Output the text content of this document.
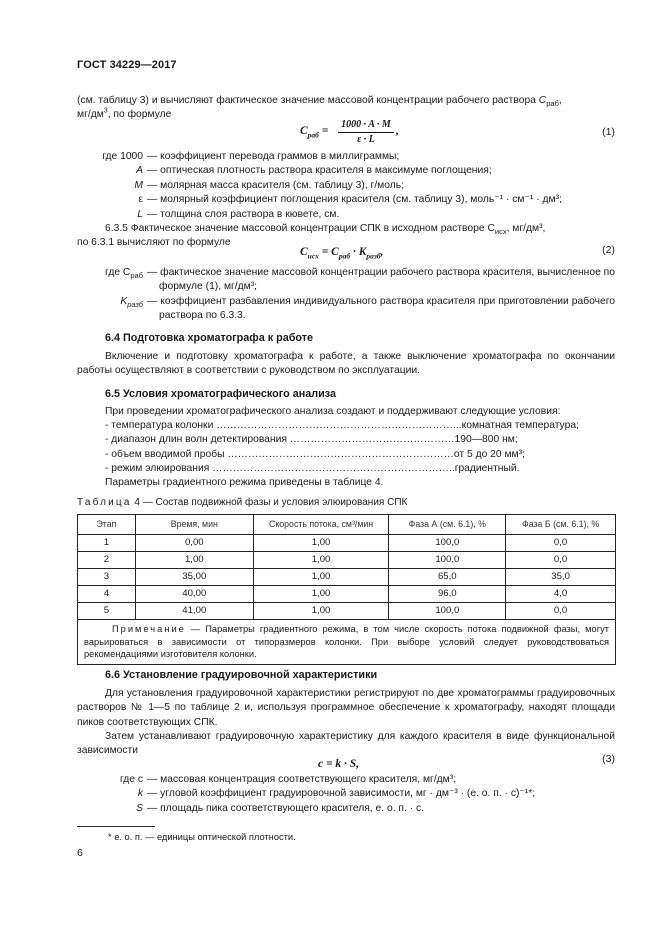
ГОСТ 34229—2017
(см. таблицу 3) и вычисляют фактическое значение массовой концентрации рабочего раствора $C_{раб}$,
$мг/дм^3$, по формуле
$C_{раб}$ =
1000 · A · M
ε · L
,	(1)
где 1000 — коэффициент перевода граммов в миллиграммы;
A — оптическая плотность раствора красителя в максимуме поглощения;
M — молярная масса красителя (см. таблицу 3), г/моль;
ε — молярный коэффициент поглощения красителя (см. таблицу 3), моль⁻¹ · см⁻¹ · дм³;
L — толщина слоя раствора в кювете, см.
6.3.5 Фактическое значение массовой концентрации СПК в исходном растворе $C_{исх}$, мг/дм³,
по 6.3.1 вычисляют по формуле
$C_{исх} = C_{раб} \cdot K_{разб}$,	(2)
где $C_{раб}$ — фактическое значение массовой концентрации рабочего раствора красителя, вычисленное по формуле (1), мг/дм³;
$K_{разб}$ — коэффициент разбавления индивидуального раствора красителя при приготовлении рабочего раствора по 6.3.3.
6.4 Подготовка хроматографа к работе
Включение и подготовку хроматографа к работе, а также выключение хроматографа по окончании работы осуществляют в соответствии с руководством по эксплуатации.
6.5 Условия хроматографического анализа
При проведении хроматографического анализа создают и поддерживают следующие условия:
- температура колонки ……………………………………………………………...комнатная температура;
- диапазон длин волн детектирования …………………………………………190—800 нм;
- объем вводимой пробы …………………………………………………………от 5 до 20 мм³;
- режим элюирования ……………………………………………………………..градиентный.
Параметры градиентного режима приведены в таблице 4.
Таблица 4 — Состав подвижной фазы и условия элюирования СПК
Этап	Время, мин	Скорость потока, см³/мин	Фаза А (см. 6.1), %	Фаза Б (см. 6.1), %
1	0,00	1,00	100,0	0,0
2	1,00	1,00	100,0	0,0
3	35,00	1,00	65,0	35,0
4	40,00	1,00	96,0	4,0
5	41,00	1,00	100,0	0,0
Примечание — Параметры градиентного режима, в том числе скорость потока подвижной фазы, могут варьироваться в зависимости от типоразмеров колонки. При выборе условий следует руководствоваться рекомендациями изготовителя колонки.				
6.6 Установление градуировочной характеристики
Для установления градуировочной характеристики регистрируют по две хроматограммы градуировочных растворов № 1—5 по таблице 2 и, используя программное обеспечение к хроматографу, находят площади пиков соответствующих СПК.
Затем устанавливают градуировочную характеристику для каждого красителя в виде функциональной зависимости
c = k · S,	(3)
где c — массовая концентрация соответствующего красителя, мг/дм³;
k — угловой коэффициент градуировочной зависимости, мг · дм⁻³ · (е. о. п. · с)⁻¹*;
S — площадь пика соответствующего красителя, е. о. п. · с.
* е. о. п. — единицы оптической плотности.
6
